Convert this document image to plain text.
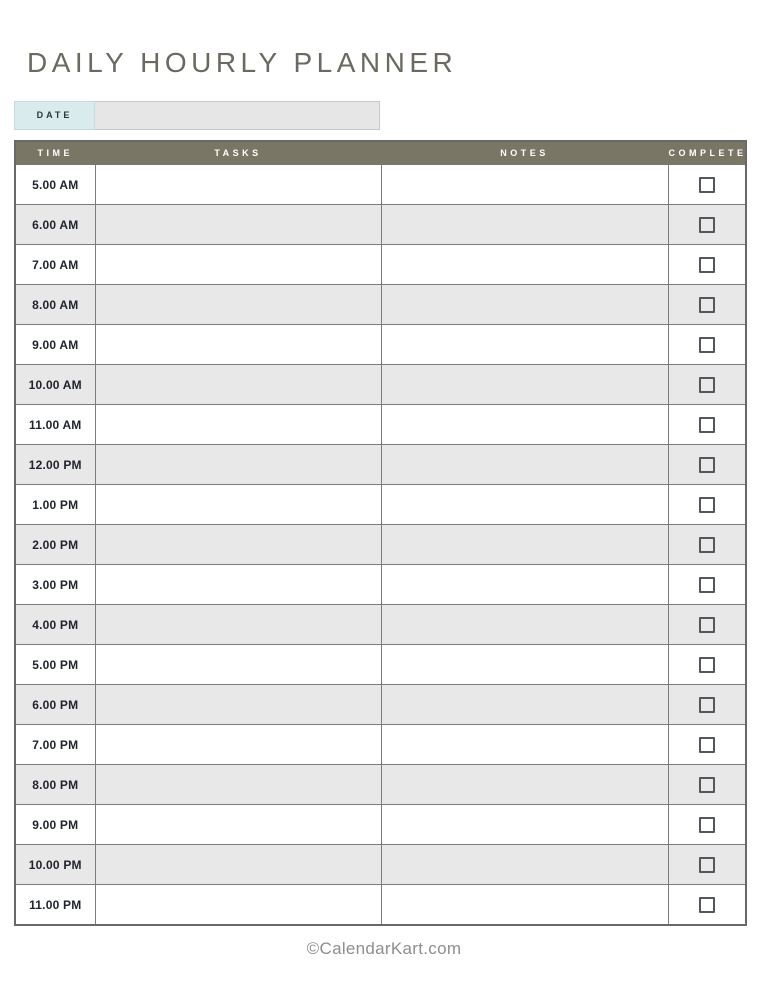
DAILY HOURLY PLANNER
DATE
TIME	TASKS	NOTES	COMPLETE
5.00 AM			

6.00 AM			

7.00 AM			

8.00 AM			

9.00 AM			

10.00 AM			

11.00 AM			

12.00 PM			

1.00 PM			

2.00 PM			

3.00 PM			

4.00 PM			

5.00 PM			

6.00 PM			

7.00 PM			

8.00 PM			

9.00 PM			

10.00 PM			

11.00 PM			
©CalendarKart.com
